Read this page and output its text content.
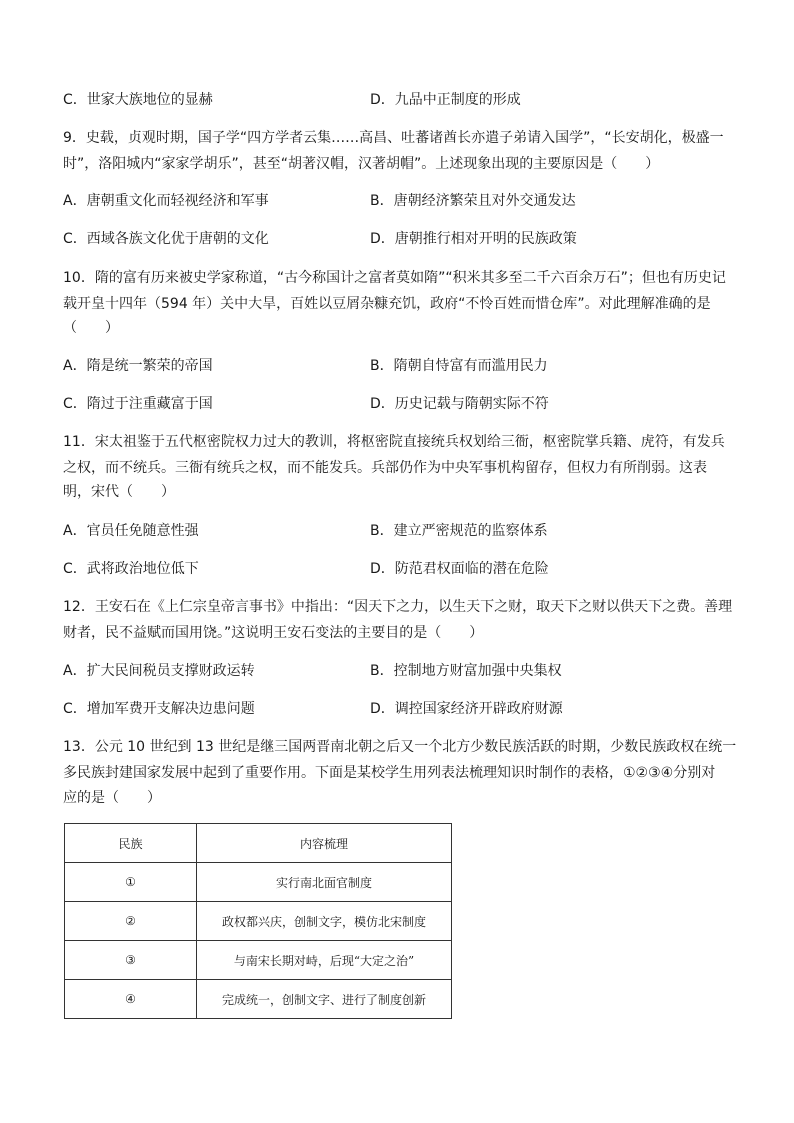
C．世家大族地位的显赫	D．九品中正制度的形成
9．史载，贞观时期，国子学“四方学者云集……高昌、吐蕃诸酋长亦遣子弟请入国学”，“长安胡化，极盛一
时”，洛阳城内“家家学胡乐”，甚至“胡著汉帽，汉著胡帽”。上述现象出现的主要原因是（　　）
A．唐朝重文化而轻视经济和军事	B．唐朝经济繁荣且对外交通发达
C．西域各族文化优于唐朝的文化	D．唐朝推行相对开明的民族政策
10．隋的富有历来被史学家称道，“古今称国计之富者莫如隋”“积米其多至二千六百余万石”；但也有历史记
载开皇十四年（594 年）关中大旱，百姓以豆屑杂糠充饥，政府“不怜百姓而惜仓库”。对此理解准确的是
（　　）
A．隋是统一繁荣的帝国	B．隋朝自恃富有而滥用民力
C．隋过于注重藏富于国	D．历史记载与隋朝实际不符
11．宋太祖鉴于五代枢密院权力过大的教训，将枢密院直接统兵权划给三衙，枢密院掌兵籍、虎符，有发兵
之权，而不统兵。三衙有统兵之权，而不能发兵。兵部仍作为中央军事机构留存，但权力有所削弱。这表
明，宋代（　　）
A．官员任免随意性强	B．建立严密规范的监察体系
C．武将政治地位低下	D．防范君权面临的潜在危险
12．王安石在《上仁宗皇帝言事书》中指出：“因天下之力，以生天下之财，取天下之财以供天下之费。善理
财者，民不益赋而国用饶。”这说明王安石变法的主要目的是（　　）
A．扩大民间税员支撑财政运转	B．控制地方财富加强中央集权
C．增加军费开支解决边患问题	D．调控国家经济开辟政府财源
13．公元 10 世纪到 13 世纪是继三国两晋南北朝之后又一个北方少数民族活跃的时期，少数民族政权在统一
多民族封建国家发展中起到了重要作用。下面是某校学生用列表法梳理知识时制作的表格，①②③④分别对
应的是（　　）
民族	内容梳理
①	实行南北面官制度
②	政权都兴庆，创制文字，模仿北宋制度
③	与南宋长期对峙，后现“大定之治”
④	完成统一，创制文字、进行了制度创新
